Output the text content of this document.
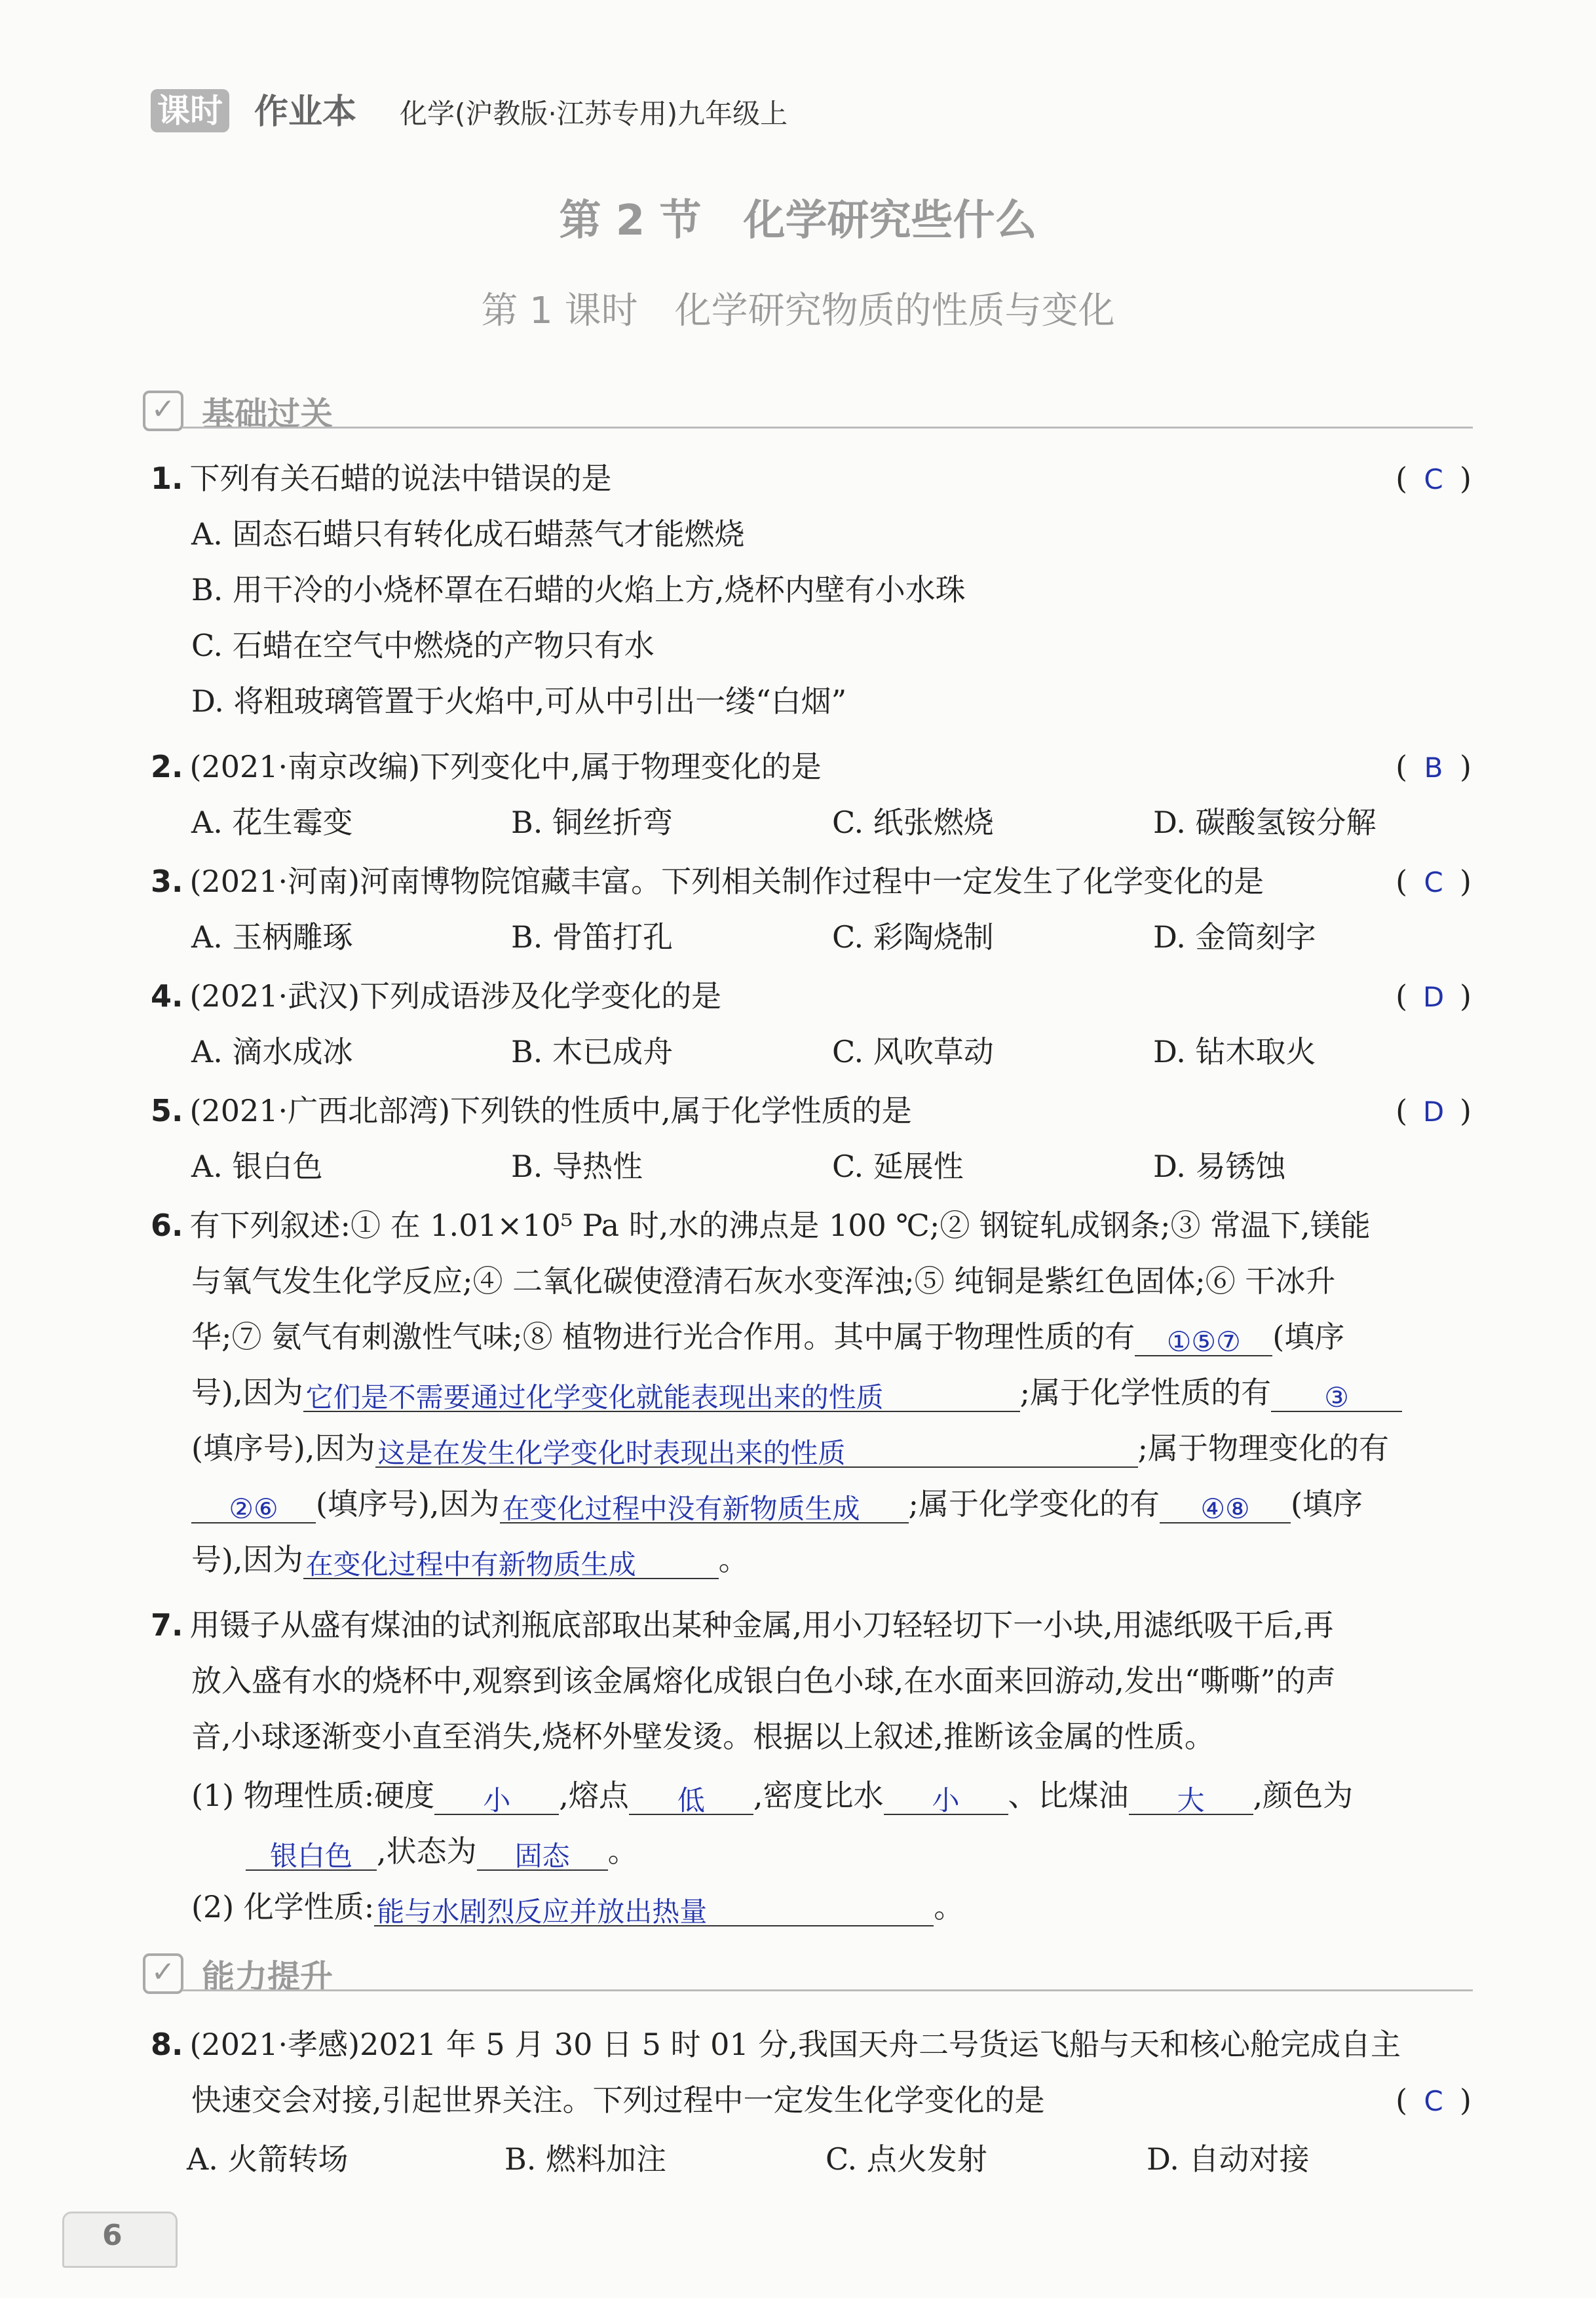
课时 作业本 化学(沪教版·江苏专用)九年级上
第 2 节　化学研究些什么
第 1 课时　化学研究物质的性质与变化
✓ 基础过关
1. 下列有关石蜡的说法中错误的是	( C )
A. 固态石蜡只有转化成石蜡蒸气才能燃烧
B. 用干冷的小烧杯罩在石蜡的火焰上方,烧杯内壁有小水珠
C. 石蜡在空气中燃烧的产物只有水
D. 将粗玻璃管置于火焰中,可从中引出一缕“白烟”
2. (2021·南京改编)下列变化中,属于物理变化的是	( B )
A. 花生霉变	B. 铜丝折弯	C. 纸张燃烧	D. 碳酸氢铵分解
3. (2021·河南)河南博物院馆藏丰富。下列相关制作过程中一定发生了化学变化的是	( C )
A. 玉柄雕琢	B. 骨笛打孔	C. 彩陶烧制	D. 金筒刻字
4. (2021·武汉)下列成语涉及化学变化的是	( D )
A. 滴水成冰	B. 木已成舟	C. 风吹草动	D. 钻木取火
5. (2021·广西北部湾)下列铁的性质中,属于化学性质的是	( D )
A. 银白色	B. 导热性	C. 延展性	D. 易锈蚀
6. 有下列叙述:① 在 1.01×10⁵ Pa 时,水的沸点是 100 ℃;② 钢锭轧成钢条;③ 常温下,镁能
与氧气发生化学反应;④ 二氧化碳使澄清石灰水变浑浊;⑤ 纯铜是紫红色固体;⑥ 干冰升
华;⑦ 氨气有刺激性气味;⑧ 植物进行光合作用。其中属于物理性质的有 ①⑤⑦ (填序
号),因为它们是不需要通过化学变化就能表现出来的性质	;属于化学性质的有 ③
(填序号),因为这是在发生化学变化时表现出来的性质	;属于物理变化的有
②⑥ (填序号),因为在变化过程中没有新物质生成 ;属于化学变化的有 ④⑧ (填序
号),因为在变化过程中有新物质生成	。
7. 用镊子从盛有煤油的试剂瓶底部取出某种金属,用小刀轻轻切下一小块,用滤纸吸干后,再
放入盛有水的烧杯中,观察到该金属熔化成银白色小球,在水面来回游动,发出“嘶嘶”的声
音,小球逐渐变小直至消失,烧杯外壁发烫。根据以上叙述,推断该金属的性质。
(1) 物理性质:硬度 小 ,熔点 低 ,密度比水 小 、比煤油 大 ,颜色为
银白色 ,状态为 固态 。
(2) 化学性质:能与水剧烈反应并放出热量	。
✓ 能力提升
8. (2021·孝感)2021 年 5 月 30 日 5 时 01 分,我国天舟二号货运飞船与天和核心舱完成自主
快速交会对接,引起世界关注。下列过程中一定发生化学变化的是	( C )
A. 火箭转场	B. 燃料加注	C. 点火发射	D. 自动对接
6
